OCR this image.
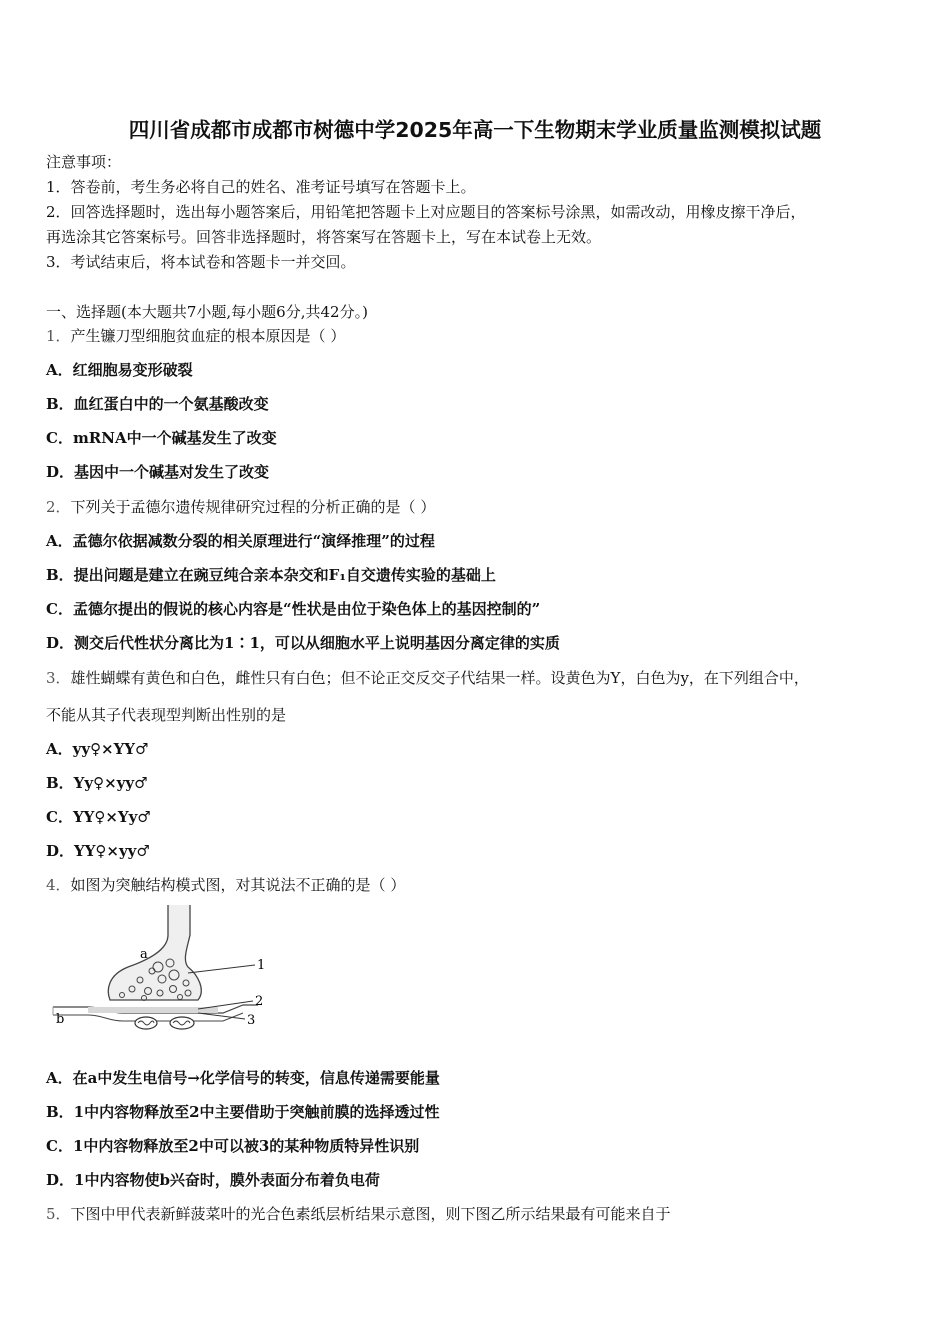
四川省成都市成都市树德中学2025年高一下生物期末学业质量监测模拟试题
注意事项：
1．答卷前，考生务必将自己的姓名、准考证号填写在答题卡上。
2．回答选择题时，选出每小题答案后，用铅笔把答题卡上对应题目的答案标号涂黑，如需改动，用橡皮擦干净后，
再选涂其它答案标号。回答非选择题时，将答案写在答题卡上，写在本试卷上无效。
3．考试结束后，将本试卷和答题卡一并交回。
一、选择题(本大题共7小题,每小题6分,共42分。)
1．产生镰刀型细胞贫血症的根本原因是（ ）
A．红细胞易变形破裂
B．血红蛋白中的一个氨基酸改变
C．mRNA中一个碱基发生了改变
D．基因中一个碱基对发生了改变
2．下列关于孟德尔遗传规律研究过程的分析正确的是（ ）
A．孟德尔依据减数分裂的相关原理进行“演绎推理”的过程
B．提出问题是建立在豌豆纯合亲本杂交和F₁自交遗传实验的基础上
C．孟德尔提出的假说的核心内容是“性状是由位于染色体上的基因控制的”
D．测交后代性状分离比为1∶1，可以从细胞水平上说明基因分离定律的实质
3．雄性蝴蝶有黄色和白色，雌性只有白色；但不论正交反交子代结果一样。设黄色为Y，白色为y，在下列组合中，
不能从其子代表现型判断出性别的是
A．yy♀×YY♂
B．Yy♀×yy♂
C．YY♀×Yy♂
D．YY♀×yy♂
4．如图为突触结构模式图，对其说法不正确的是（ ）
a
b
1
2
3
A．在a中发生电信号→化学信号的转变，信息传递需要能量
B．1中内容物释放至2中主要借助于突触前膜的选择透过性
C．1中内容物释放至2中可以被3的某种物质特异性识别
D．1中内容物使b兴奋时，膜外表面分布着负电荷
5．下图中甲代表新鲜菠菜叶的光合色素纸层析结果示意图，则下图乙所示结果最有可能来自于
